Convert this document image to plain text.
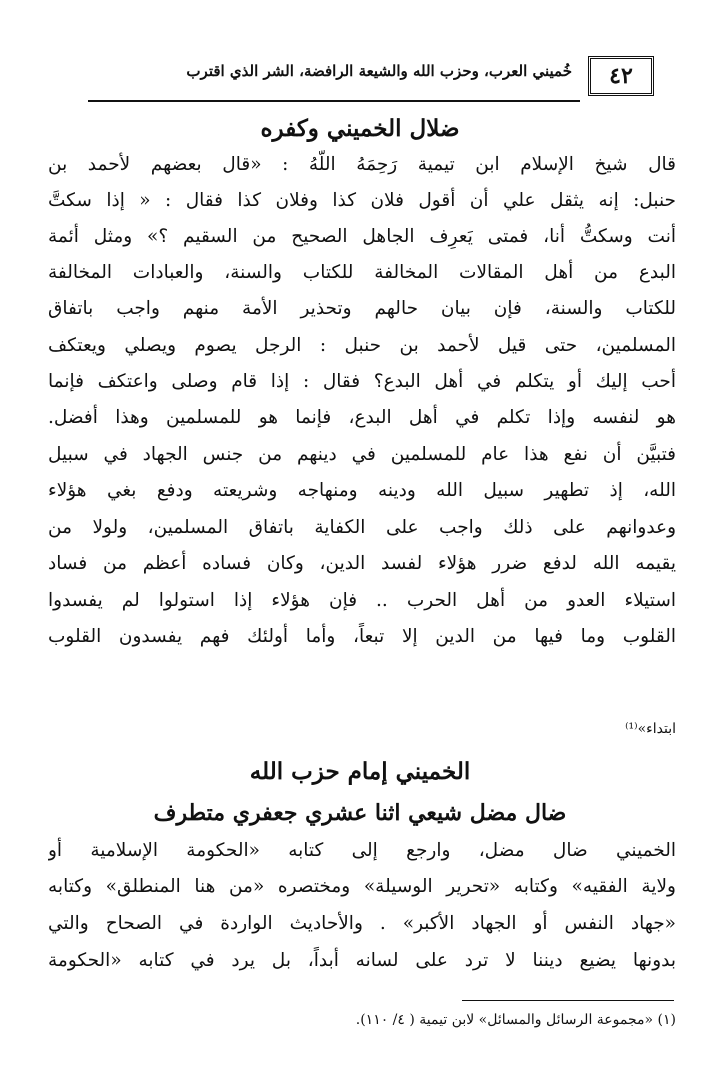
٤٢
خُميني العرب، وحزب الله والشيعة الرافضة، الشر الذي اقترب
ضلال الخميني وكفره
قال شيخ الإسلام ابن تيمية رَحِمَهُ اللَّهُ : «قال بعضهم لأحمد بن
حنبل: إنه يثقل علي أن أقول فلان كذا وفلان كذا فقال : « إذا سكتَّ
أنت وسكتُّ أنا، فمتى يَعرِف الجاهل الصحيح من السقيم ؟» ومثل أئمة
البدع من أهل المقالات المخالفة للكتاب والسنة، والعبادات المخالفة
للكتاب والسنة، فإن بيان حالهم وتحذير الأمة منهم واجب باتفاق
المسلمين، حتى قيل لأحمد بن حنبل : الرجل يصوم ويصلي ويعتكف
أحب إليك أو يتكلم في أهل البدع؟ فقال : إذا قام وصلى واعتكف فإنما
هو لنفسه وإذا تكلم في أهل البدع، فإنما هو للمسلمين وهذا أفضل.
فتبيَّن أن نفع هذا عام للمسلمين في دينهم من جنس الجهاد في سبيل
الله، إذ تطهير سبيل الله ودينه ومنهاجه وشريعته ودفع بغي هؤلاء
وعدوانهم على ذلك واجب على الكفاية باتفاق المسلمين، ولولا من
يقيمه الله لدفع ضرر هؤلاء لفسد الدين، وكان فساده أعظم من فساد
استيلاء العدو من أهل الحرب .. فإن هؤلاء إذا استولوا لم يفسدوا
القلوب وما فيها من الدين إلا تبعاً، وأما أولئك فهم يفسدون القلوب
ابتداء»⁽¹⁾
الخميني إمام حزب الله
ضال مضل شيعي اثنا عشري جعفري متطرف
الخميني ضال مضل، وارجع إلى كتابه «الحكومة الإسلامية أو
ولاية الفقيه» وكتابه «تحرير الوسيلة» ومختصره «من هنا المنطلق» وكتابه
«جهاد النفس أو الجهاد الأكبر» . والأحاديث الواردة في الصحاح والتي
بدونها يضيع ديننا لا ترد على لسانه أبداً، بل يرد في كتابه «الحكومة
(١) «مجموعة الرسائل والمسائل» لابن تيمية ( ٤/ ١١٠).
